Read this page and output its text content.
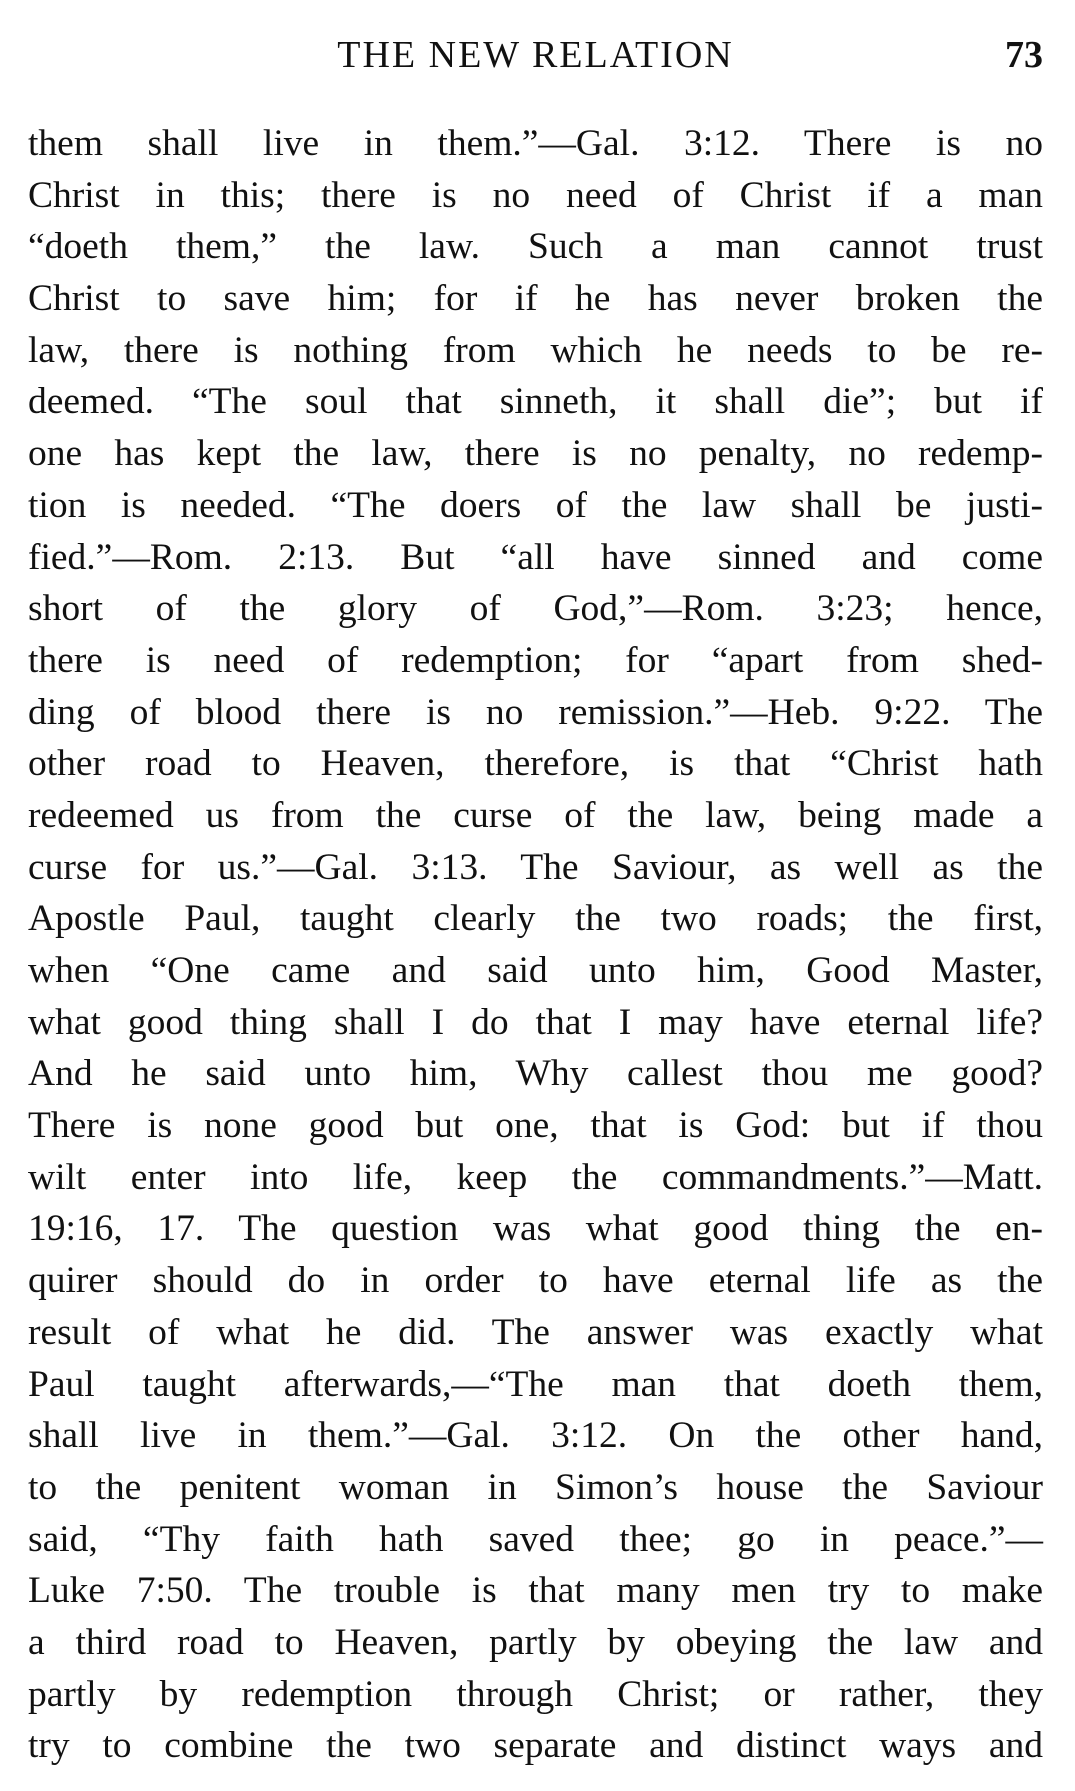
THE NEW RELATION	73
them shall live in them.”—Gal. 3:12. There is no
Christ in this; there is no need of Christ if a man
“doeth them,” the law. Such a man cannot trust
Christ to save him; for if he has never broken the
law, there is nothing from which he needs to be re-
deemed. “The soul that sinneth, it shall die”; but if
one has kept the law, there is no penalty, no redemp-
tion is needed. “The doers of the law shall be justi-
fied.”—Rom. 2:13. But “all have sinned and come
short of the glory of God,”—Rom. 3:23; hence,
there is need of redemption; for “apart from shed-
ding of blood there is no remission.”—Heb. 9:22. The
other road to Heaven, therefore, is that “Christ hath
redeemed us from the curse of the law, being made a
curse for us.”—Gal. 3:13. The Saviour, as well as the
Apostle Paul, taught clearly the two roads; the first,
when “One came and said unto him, Good Master,
what good thing shall I do that I may have eternal life?
And he said unto him, Why callest thou me good?
There is none good but one, that is God: but if thou
wilt enter into life, keep the commandments.”—Matt.
19:16, 17. The question was what good thing the en-
quirer should do in order to have eternal life as the
result of what he did. The answer was exactly what
Paul taught afterwards,—“The man that doeth them,
shall live in them.”—Gal. 3:12. On the other hand,
to the penitent woman in Simon’s house the Saviour
said, “Thy faith hath saved thee; go in peace.”—
Luke 7:50. The trouble is that many men try to make
a third road to Heaven, partly by obeying the law and
partly by redemption through Christ; or rather, they
try to combine the two separate and distinct ways and
